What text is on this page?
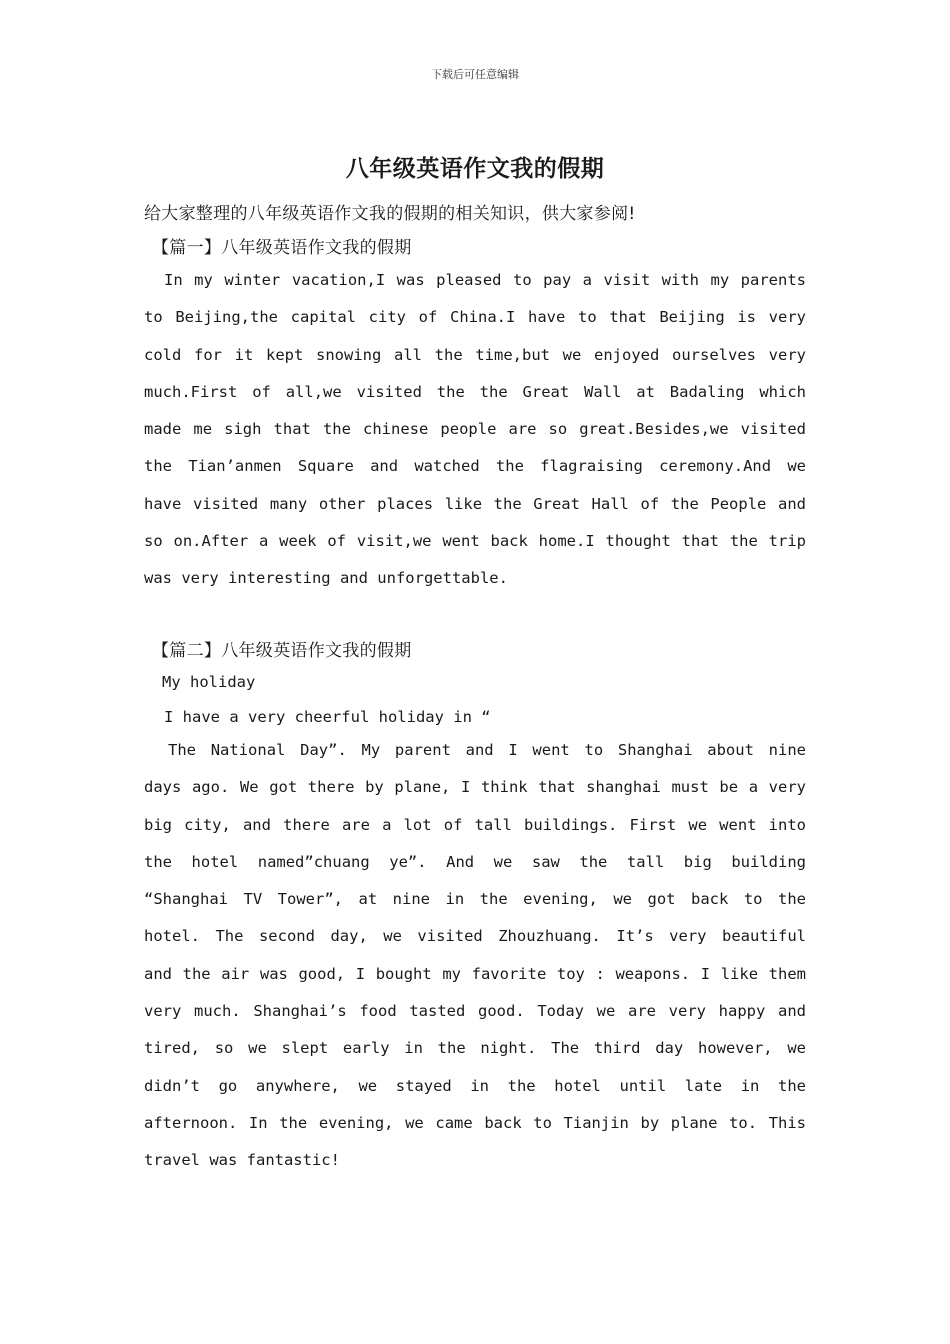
下载后可任意编辑
八年级英语作文我的假期
给大家整理的八年级英语作文我的假期的相关知识，供大家参阅!
【篇一】八年级英语作文我的假期
In my winter vacation,I was pleased to pay a visit with my parents
to Beijing,the capital city of China.I have to that Beijing is very
cold for it kept snowing all the time,but we enjoyed ourselves very
much.First of all,we visited the the Great Wall at Badaling which
made me sigh that the chinese people are so great.Besides,we visited
the Tian’anmen Square and watched the flagraising ceremony.And we
have visited many other places like the Great Hall of the People and
so on.After a week of visit,we went back home.I thought that the trip
was very interesting and unforgettable.
【篇二】八年级英语作文我的假期
My holiday
I have a very cheerful holiday in “
The National Day”. My parent and I went to Shanghai about nine
days ago. We got there by plane, I think that shanghai must be a very
big city, and there are a lot of tall buildings. First we went into
the hotel named”chuang ye”. And we saw the tall big building
“Shanghai TV Tower”, at nine in the evening, we got back to the
hotel. The second day, we visited Zhouzhuang. It’s very beautiful
and the air was good, I bought my favorite toy : weapons. I like them
very much. Shanghai’s food tasted good. Today we are very happy and
tired, so we slept early in the night. The third day however, we
didn’t go anywhere, we stayed in the hotel until late in the
afternoon. In the evening, we came back to Tianjin by plane to. This
travel was fantastic!
